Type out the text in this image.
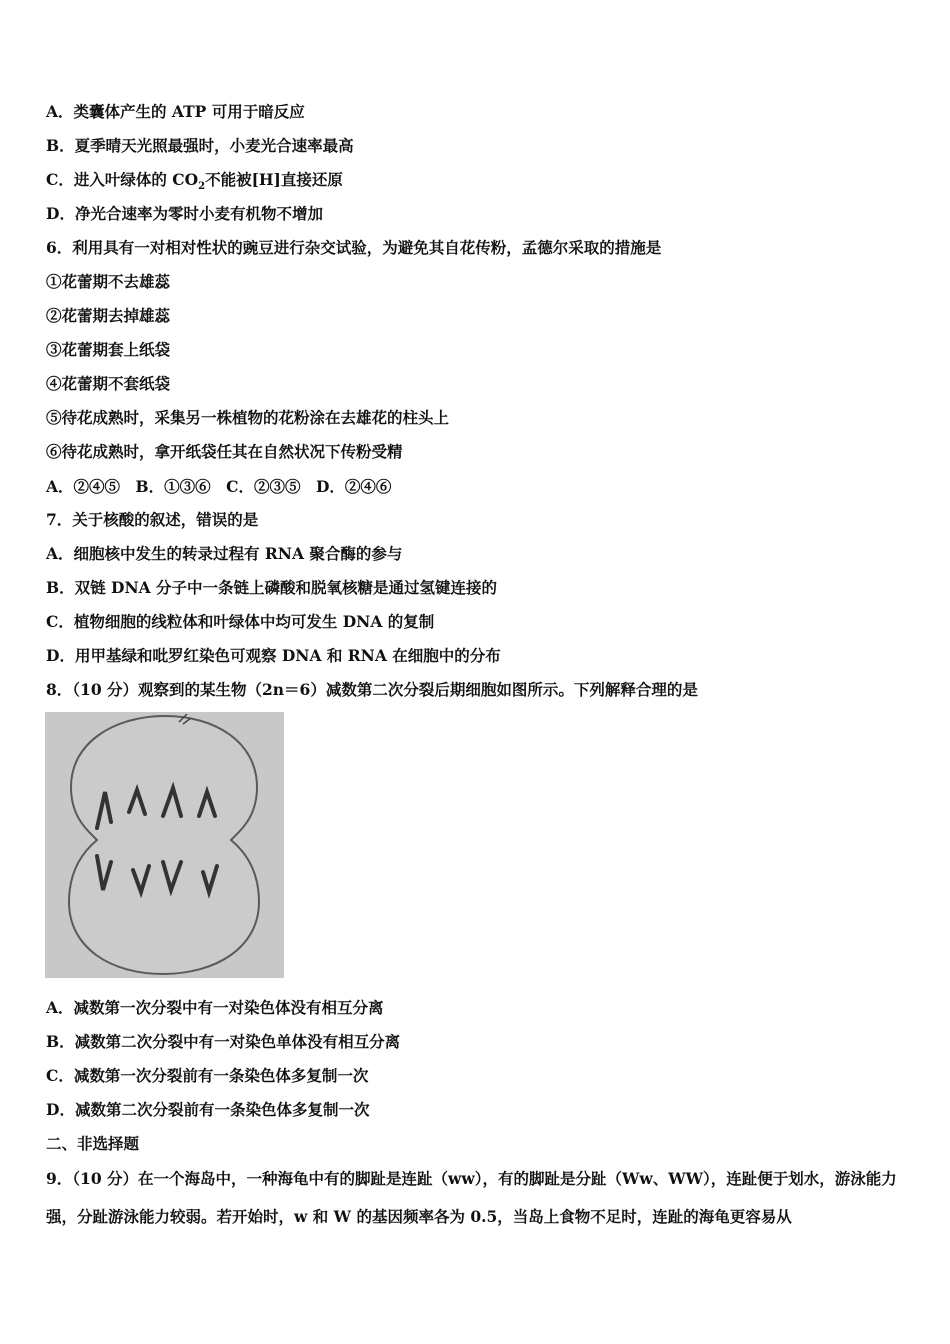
A．类囊体产生的 ATP 可用于暗反应
B．夏季晴天光照最强时，小麦光合速率最高
C．进入叶绿体的 $CO_2$不能被[H]直接还原
D．净光合速率为零时小麦有机物不增加
6．利用具有一对相对性状的豌豆进行杂交试验，为避免其自花传粉，孟德尔采取的措施是
①花蕾期不去雄蕊
②花蕾期去掉雄蕊
③花蕾期套上纸袋
④花蕾期不套纸袋
⑤待花成熟时，采集另一株植物的花粉涂在去雄花的柱头上
⑥待花成熟时，拿开纸袋任其在自然状况下传粉受精
A．②④⑤　B．①③⑥　C．②③⑤　D．②④⑥
7．关于核酸的叙述，错误的是
A．细胞核中发生的转录过程有 RNA 聚合酶的参与
B．双链 DNA 分子中一条链上磷酸和脱氧核糖是通过氢键连接的
C．植物细胞的线粒体和叶绿体中均可发生 DNA 的复制
D．用甲基绿和吡罗红染色可观察 DNA 和 RNA 在细胞中的分布
8．（10 分）观察到的某生物（2n＝6）减数第二次分裂后期细胞如图所示。下列解释合理的是
A．减数第一次分裂中有一对染色体没有相互分离
B．减数第二次分裂中有一对染色单体没有相互分离
C．减数第一次分裂前有一条染色体多复制一次
D．减数第二次分裂前有一条染色体多复制一次
二、非选择题
9．（10 分）在一个海岛中，一种海龟中有的脚趾是连趾（ww），有的脚趾是分趾（Ww、WW），连趾便于划水，游泳能力强，分趾游泳能力较弱。若开始时，w 和 W 的基因频率各为 0.5，当岛上食物不足时，连趾的海龟更容易从
